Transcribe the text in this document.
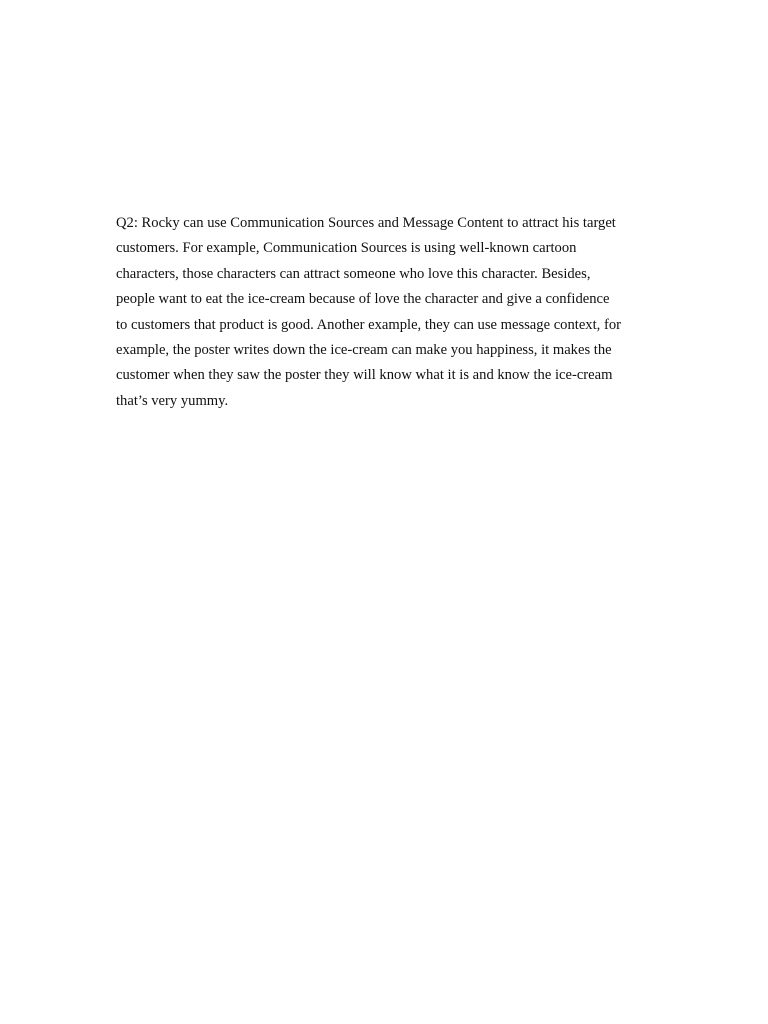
Q2: Rocky can use Communication Sources and Message Content to attract his target
customers. For example, Communication Sources is using well-known cartoon
characters, those characters can attract someone who love this character. Besides,
people want to eat the ice-cream because of love the character and give a confidence
to customers that product is good. Another example, they can use message context, for
example, the poster writes down the ice-cream can make you happiness, it makes the
customer when they saw the poster they will know what it is and know the ice-cream
that’s very yummy.
